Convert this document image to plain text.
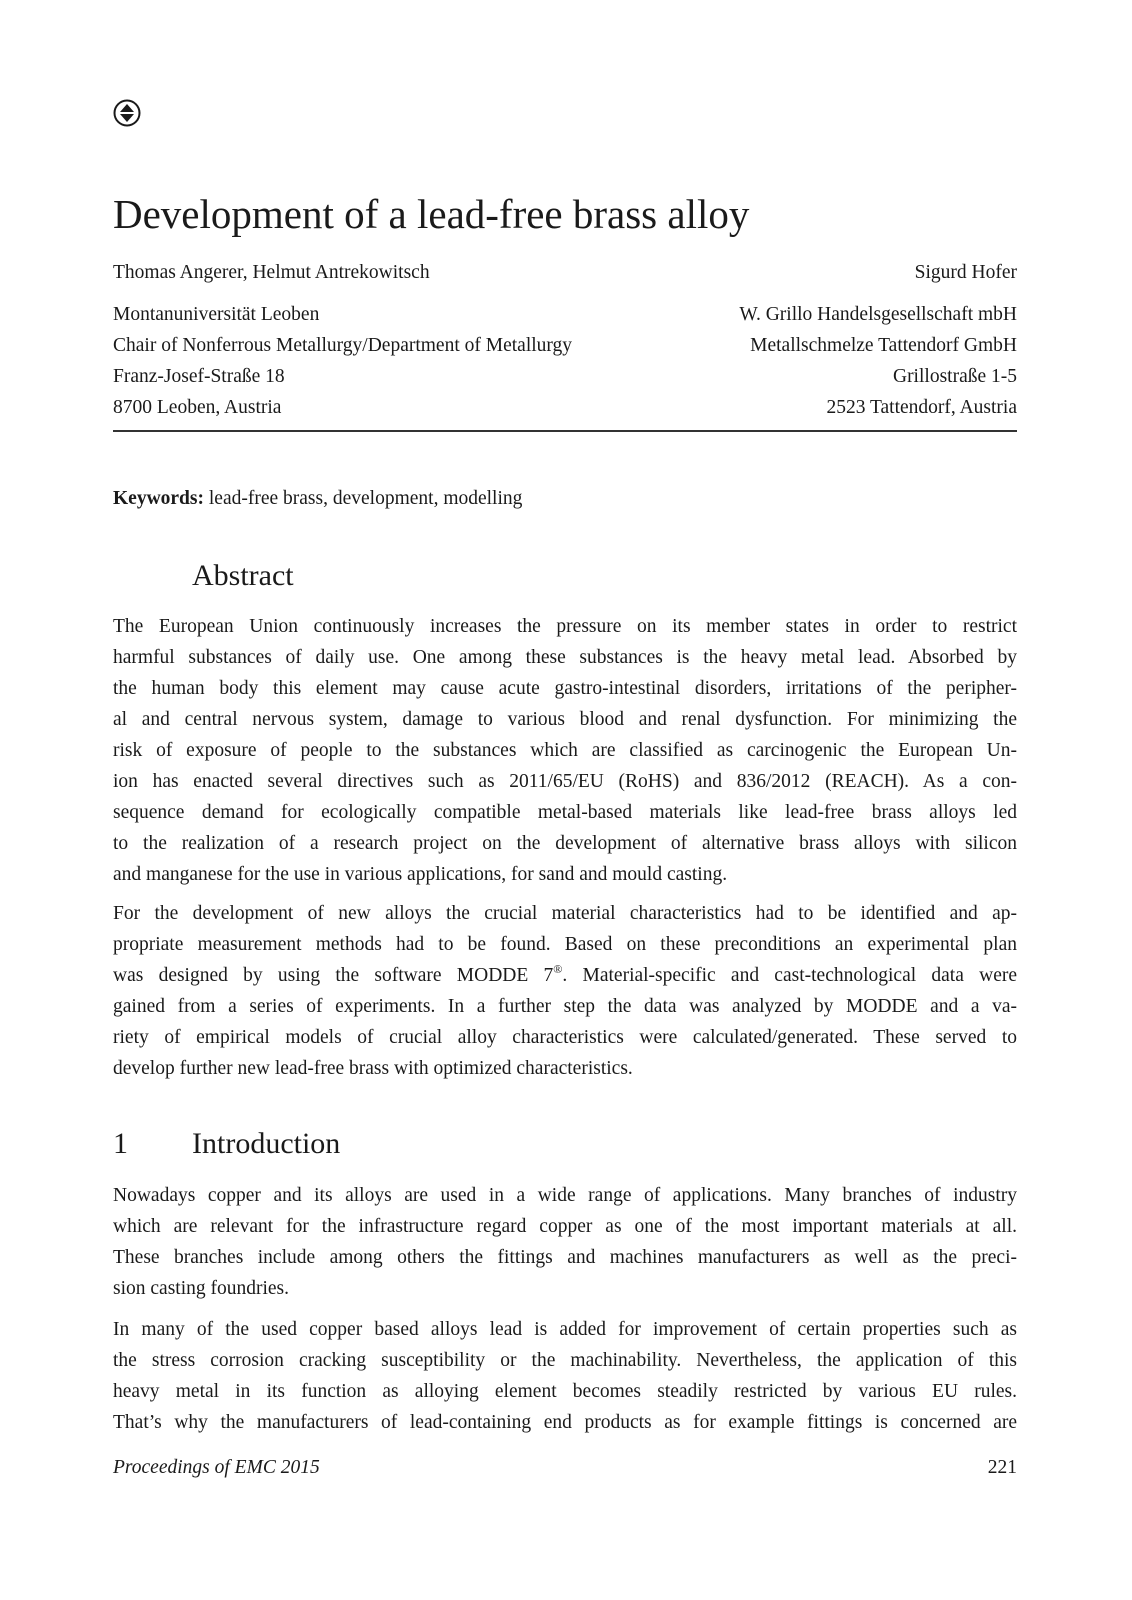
Development of a lead-free brass alloy
Thomas Angerer, Helmut Antrekowitsch	Sigurd Hofer
Montanuniversität Leoben	W. Grillo Handelsgesellschaft mbH
Chair of Nonferrous Metallurgy/Department of Metallurgy	Metallschmelze Tattendorf GmbH
Franz-Josef-Straße 18	Grillostraße 1-5
8700 Leoben, Austria	2523 Tattendorf, Austria
Keywords: lead-free brass, development, modelling
Abstract

The European Union continuously increases the pressure on its member states in order to restrict
harmful substances of daily use. One among these substances is the heavy metal lead. Absorbed by
the human body this element may cause acute gastro-intestinal disorders, irritations of the peripher-
al and central nervous system, damage to various blood and renal dysfunction. For minimizing the
risk of exposure of people to the substances which are classified as carcinogenic the European Un-
ion has enacted several directives such as 2011/65/EU (RoHS) and 836/2012 (REACH). As a con-
sequence demand for ecologically compatible metal-based materials like lead-free brass alloys led
to the realization of a research project on the development of alternative brass alloys with silicon
and manganese for the use in various applications, for sand and mould casting.

For the development of new alloys the crucial material characteristics had to be identified and ap-
propriate measurement methods had to be found. Based on these preconditions an experimental plan
was designed by using the software MODDE 7®. Material-specific and cast-technological data were
gained from a series of experiments. In a further step the data was analyzed by MODDE and a va-
riety of empirical models of crucial alloy characteristics were calculated/generated. These served to
develop further new lead-free brass with optimized characteristics.

1 Introduction

Nowadays copper and its alloys are used in a wide range of applications. Many branches of industry
which are relevant for the infrastructure regard copper as one of the most important materials at all.
These branches include among others the fittings and machines manufacturers as well as the preci-
sion casting foundries.

In many of the used copper based alloys lead is added for improvement of certain properties such as
the stress corrosion cracking susceptibility or the machinability. Nevertheless, the application of this
heavy metal in its function as alloying element becomes steadily restricted by various EU rules.
That’s why the manufacturers of lead-containing end products as for example fittings is concerned are

Proceedings of EMC 2015	221
